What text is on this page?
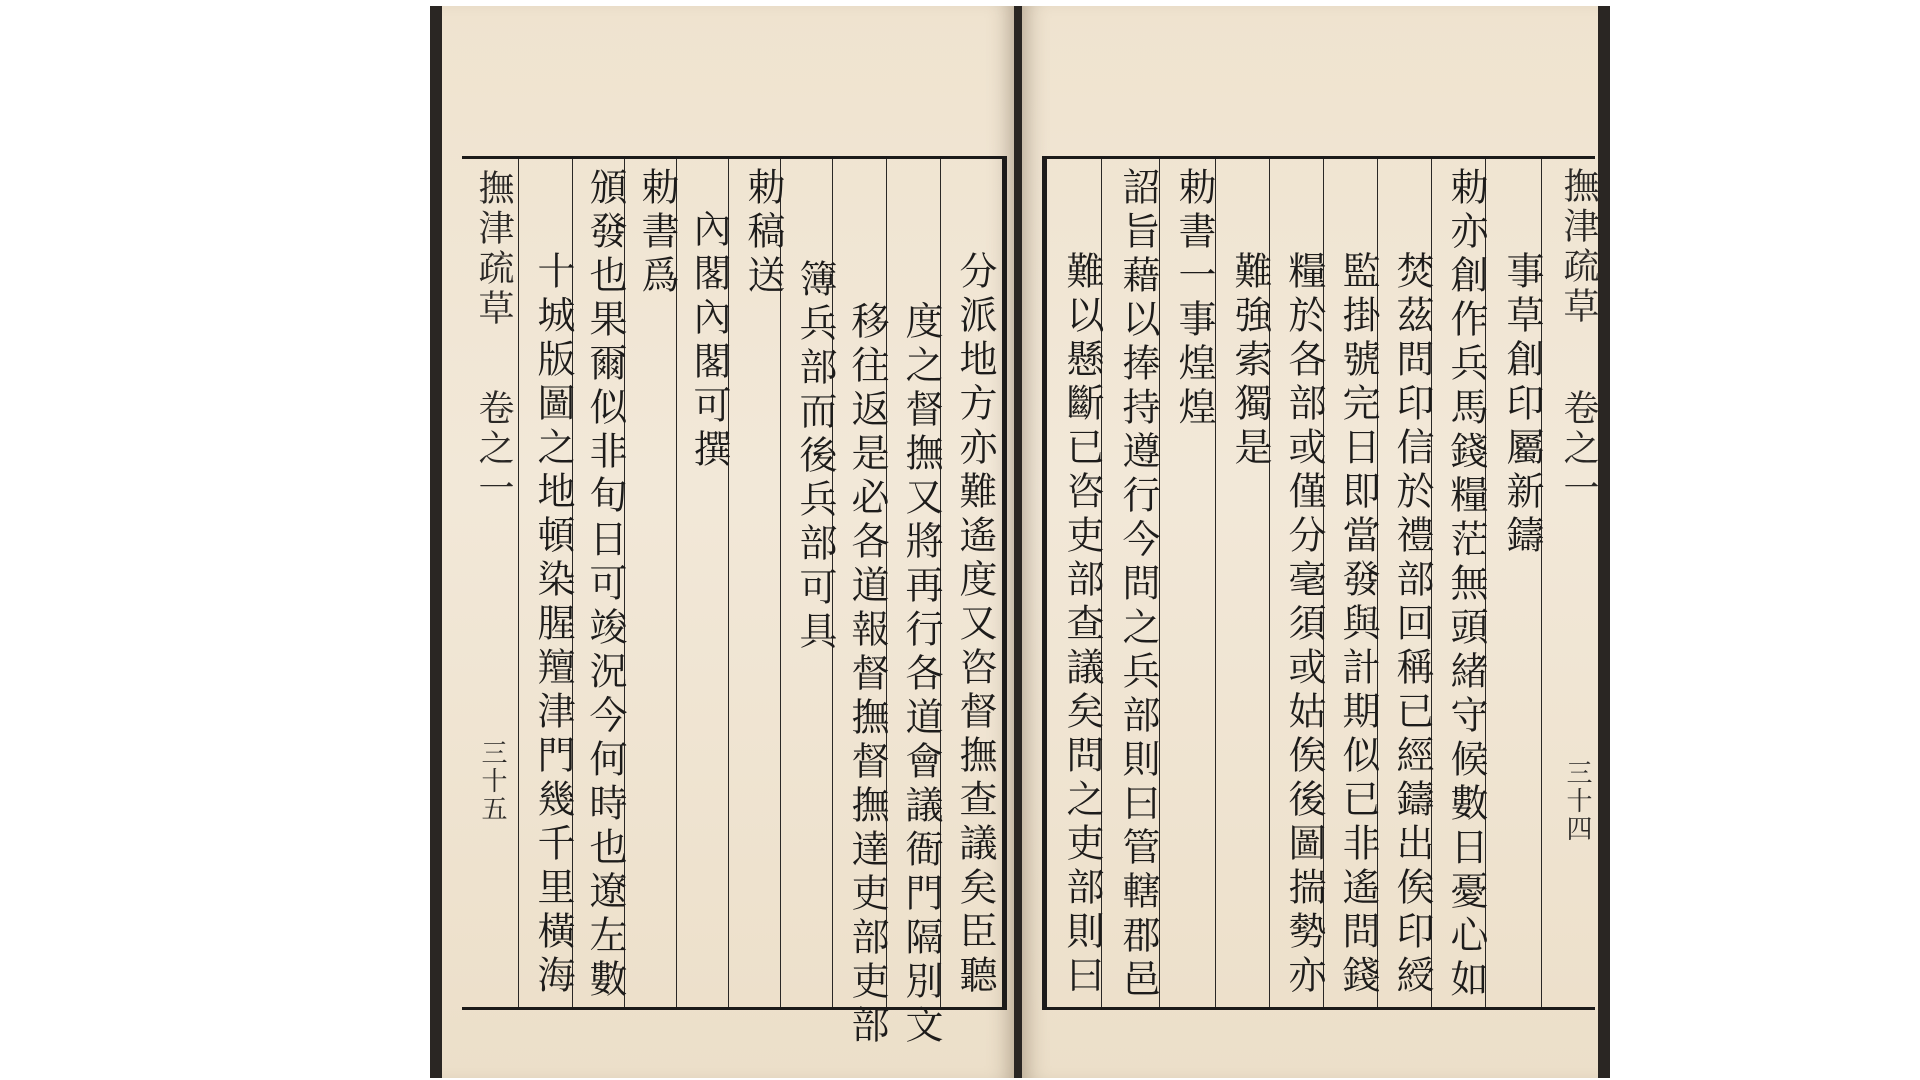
分派地方亦難遙度又咨督撫查議矣臣聽
度之督撫又將再行各道會議衙門隔別文
移往返是必各道報督撫督撫達吏部吏部
簿兵部而後兵部可具
勅稿送
內閣內閣可撰
勅書爲
頒發也果爾似非旬日可竣況今何時也遼左數
十城版圖之地頓染腥羶津門幾千里橫海
撫津疏草
卷之一
三十五
撫津疏草
卷之一
三十四
事草創印屬新鑄
勅亦創作兵馬錢糧茫無頭緒守候數日憂心如
焚茲問印信於禮部回稱已經鑄出俟印綬
監掛號完日即當發與計期似已非遙問錢
糧於各部或僅分毫須或姑俟後圖揣勢亦
難強索獨是
勅書一事煌煌
詔旨藉以捧持遵行今問之兵部則曰管轄郡邑
難以懸斷已咨吏部查議矣問之吏部則曰
